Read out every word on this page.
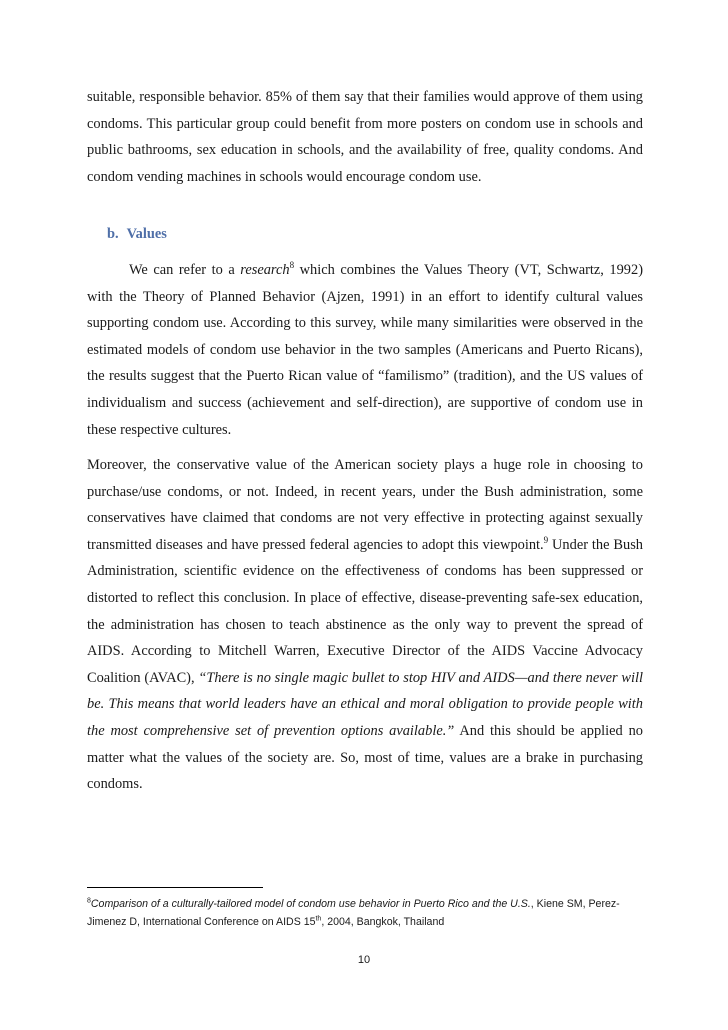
suitable, responsible behavior. 85% of them say that their families would approve of them using condoms. This particular group could benefit from more posters on condom use in schools and public bathrooms, sex education in schools, and the availability of free, quality condoms. And condom vending machines in schools would encourage condom use.

b. Values

We can refer to a research$^8$ which combines the Values Theory (VT, Schwartz, 1992) with the Theory of Planned Behavior (Ajzen, 1991) in an effort to identify cultural values supporting condom use. According to this survey, while many similarities were observed in the estimated models of condom use behavior in the two samples (Americans and Puerto Ricans), the results suggest that the Puerto Rican value of “familismo” (tradition), and the US values of individualism and success (achievement and self-direction), are supportive of condom use in these respective cultures.

Moreover, the conservative value of the American society plays a huge role in choosing to purchase/use condoms, or not. Indeed, in recent years, under the Bush administration, some conservatives have claimed that condoms are not very effective in protecting against sexually transmitted diseases and have pressed federal agencies to adopt this viewpoint.$^9$ Under the Bush Administration, scientific evidence on the effectiveness of condoms has been suppressed or distorted to reflect this conclusion. In place of effective, disease-preventing safe-sex education, the administration has chosen to teach abstinence as the only way to prevent the spread of AIDS. According to Mitchell Warren, Executive Director of the AIDS Vaccine Advocacy Coalition (AVAC), “There is no single magic bullet to stop HIV and AIDS—and there never will be. This means that world leaders have an ethical and moral obligation to provide people with the most comprehensive set of prevention options available.” And this should be applied no matter what the values of the society are. So, most of time, values are a brake in purchasing condoms.

$^8$Comparison of a culturally-tailored model of condom use behavior in Puerto Rico and the U.S., Kiene SM, Perez-Jimenez D, International Conference on AIDS 15th, 2004, Bangkok, Thailand

10
